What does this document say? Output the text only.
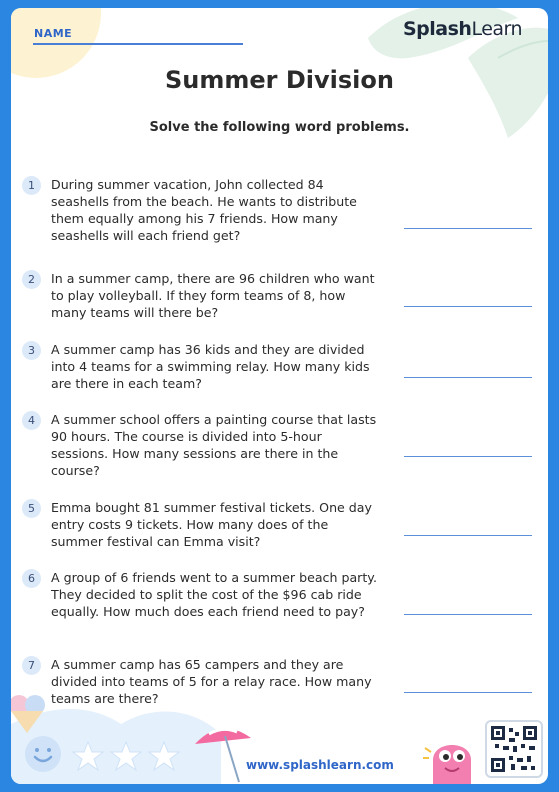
NAME	SplashLearn
Summer Division
Solve the following word problems.
1	During summer vacation, John collected 84 seashells from the beach. He wants to distribute them equally among his 7 friends. How many seashells will each friend get?
2	In a summer camp, there are 96 children who want to play volleyball. If they form teams of 8, how many teams will there be?
3	A summer camp has 36 kids and they are divided into 4 teams for a swimming relay. How many kids are there in each team?
4	A summer school offers a painting course that lasts 90 hours. The course is divided into 5-hour sessions. How many sessions are there in the course?
5	Emma bought 81 summer festival tickets. One day entry costs 9 tickets. How many does of the summer festival can Emma visit?
6	A group of 6 friends went to a summer beach party. They decided to split the cost of the $96 cab ride equally. How much does each friend need to pay?
7	A summer camp has 65 campers and they are divided into teams of 5 for a relay race. How many teams are there?
www.splashlearn.com
